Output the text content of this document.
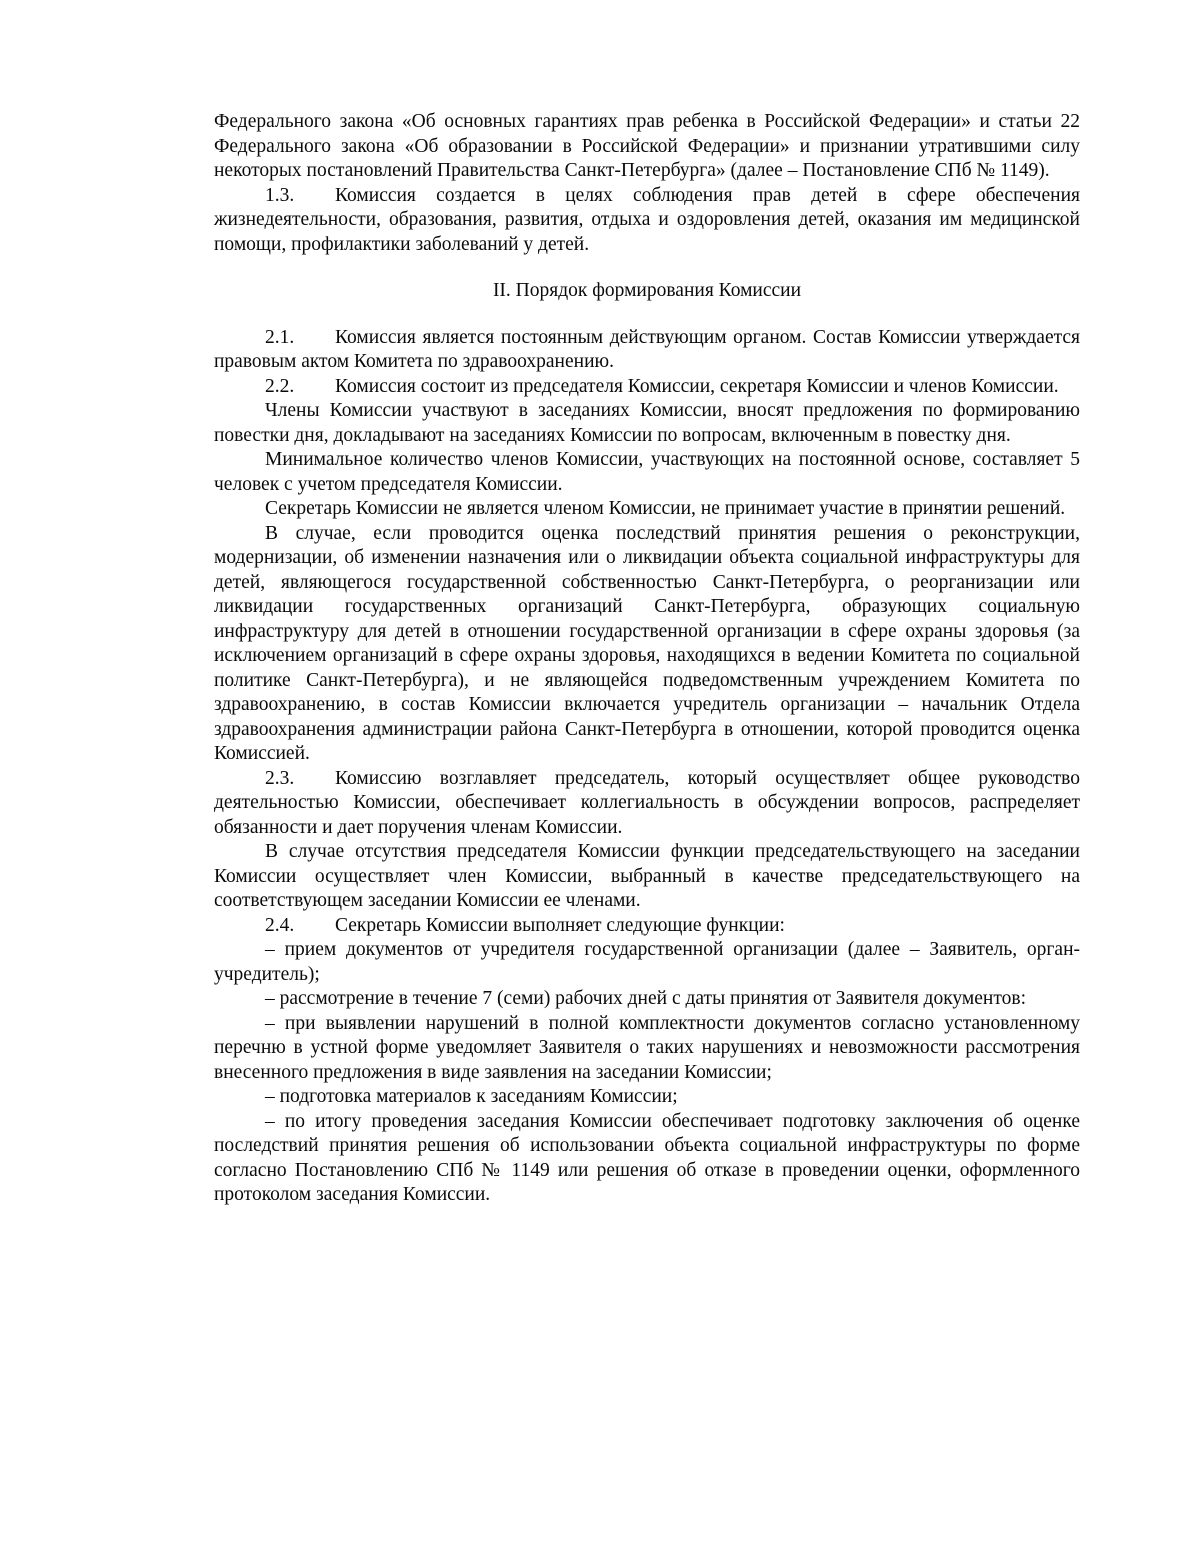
Федерального закона «Об основных гарантиях прав ребенка в Российской Федерации» и статьи 22 Федерального закона «Об образовании в Российской Федерации» и признании утратившими силу некоторых постановлений Правительства Санкт-Петербурга» (далее – Постановление СПб № 1149).

1.3. Комиссия создается в целях соблюдения прав детей в сфере обеспечения жизнедеятельности, образования, развития, отдыха и оздоровления детей, оказания им медицинской помощи, профилактики заболеваний у детей.

II. Порядок формирования Комиссии

2.1. Комиссия является постоянным действующим органом. Состав Комиссии утверждается правовым актом Комитета по здравоохранению.

2.2. Комиссия состоит из председателя Комиссии, секретаря Комиссии и членов Комиссии.

Члены Комиссии участвуют в заседаниях Комиссии, вносят предложения по формированию повестки дня, докладывают на заседаниях Комиссии по вопросам, включенным в повестку дня.

Минимальное количество членов Комиссии, участвующих на постоянной основе, составляет 5 человек с учетом председателя Комиссии.

Секретарь Комиссии не является членом Комиссии, не принимает участие в принятии решений.

В случае, если проводится оценка последствий принятия решения о реконструкции, модернизации, об изменении назначения или о ликвидации объекта социальной инфраструктуры для детей, являющегося государственной собственностью Санкт-Петербурга, о реорганизации или ликвидации государственных организаций Санкт-Петербурга, образующих социальную инфраструктуру для детей в отношении государственной организации в сфере охраны здоровья (за исключением организаций в сфере охраны здоровья, находящихся в ведении Комитета по социальной политике Санкт-Петербурга), и не являющейся подведомственным учреждением Комитета по здравоохранению, в состав Комиссии включается учредитель организации – начальник Отдела здравоохранения администрации района Санкт-Петербурга в отношении, которой проводится оценка Комиссией.

2.3. Комиссию возглавляет председатель, который осуществляет общее руководство деятельностью Комиссии, обеспечивает коллегиальность в обсуждении вопросов, распределяет обязанности и дает поручения членам Комиссии.

В случае отсутствия председателя Комиссии функции председательствующего на заседании Комиссии осуществляет член Комиссии, выбранный в качестве председательствующего на соответствующем заседании Комиссии ее членами.

2.4. Секретарь Комиссии выполняет следующие функции:

– прием документов от учредителя государственной организации (далее – Заявитель, орган-учредитель);

– рассмотрение в течение 7 (семи) рабочих дней с даты принятия от Заявителя документов:

– при выявлении нарушений в полной комплектности документов согласно установленному перечню в устной форме уведомляет Заявителя о таких нарушениях и невозможности рассмотрения внесенного предложения в виде заявления на заседании Комиссии;

– подготовка материалов к заседаниям Комиссии;

– по итогу проведения заседания Комиссии обеспечивает подготовку заключения об оценке последствий принятия решения об использовании объекта социальной инфраструктуры по форме согласно Постановлению СПб № 1149 или решения об отказе в проведении оценки, оформленного протоколом заседания Комиссии.
